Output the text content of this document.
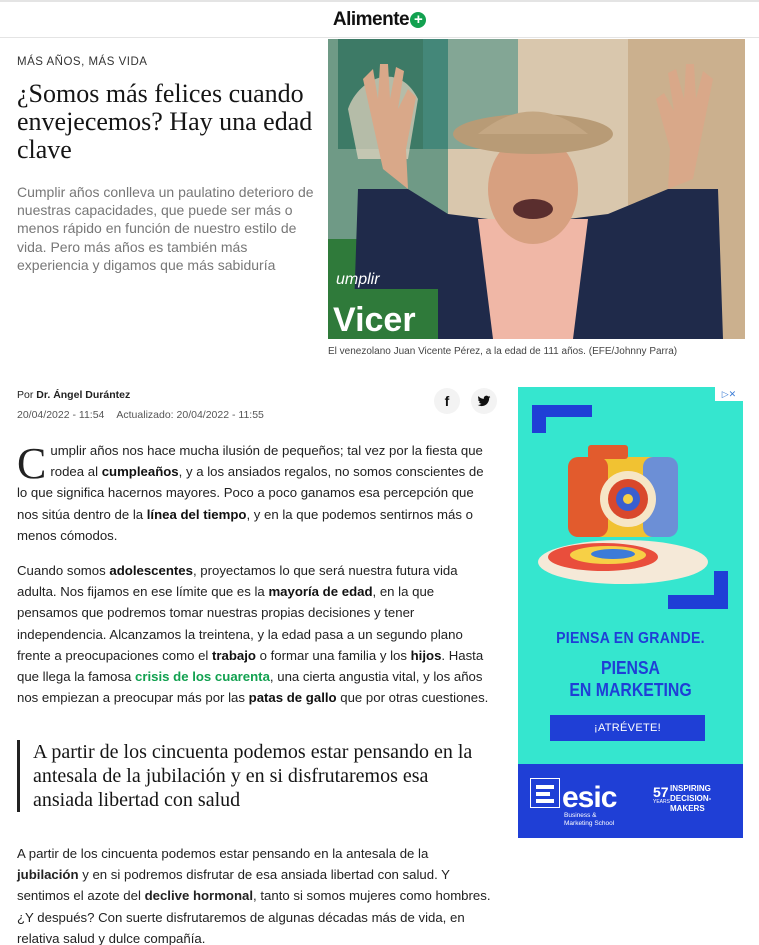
Alimente +
MÁS AÑOS, MÁS VIDA
¿Somos más felices cuando envejecemos? Hay una edad clave

Cumplir años conlleva un paulatino deterioro de nuestras capacidades, que puede ser más o menos rápido en función de nuestro estilo de vida. Pero más años es también más experiencia y digamos que más sabiduría

Vicer
umplir
El venezolano Juan Vicente Pérez, a la edad de 111 años. (EFE/Johnny Parra)
Por Dr. Ángel Durántez
20/04/2022 - 11:54 Actualizado: 20/04/2022 - 11:55
f

Cumplir años nos hace mucha ilusión de pequeños; tal vez por la fiesta que rodea al cumpleaños, y a los ansiados regalos, no somos conscientes de lo que significa hacernos mayores. Poco a poco ganamos esa percepción que nos sitúa dentro de la línea del tiempo, y en la que podemos sentirnos más o menos cómodos.

Cuando somos adolescentes, proyectamos lo que será nuestra futura vida adulta. Nos fijamos en ese límite que es la mayoría de edad, en la que pensamos que podremos tomar nuestras propias decisiones y tener independencia. Alcanzamos la treintena, y la edad pasa a un segundo plano frente a preocupaciones como el trabajo o formar una familia y los hijos. Hasta que llega la famosa crisis de los cuarenta, una cierta angustia vital, y los años nos empiezan a preocupar más por las patas de gallo que por otras cuestiones.

A partir de los cincuenta podemos estar pensando en la antesala de la jubilación y en si disfrutaremos esa ansiada libertad con salud
A partir de los cincuenta podemos estar pensando en la antesala de la jubilación y en si podremos disfrutar de esa ansiada libertad con salud. Y sentimos el azote del declive hormonal, tanto si somos mujeres como hombres. ¿Y después? Con suerte disfrutaremos de algunas décadas más de vida, en relativa salud y dulce compañía.
▷✕
PIENSA EN GRANDE.
PIENSA
EN MARKETING
¡ATRÉVETE!
esic
Business &
Marketing School
57
YEARS
INSPIRING
DECISION-MAKERS
